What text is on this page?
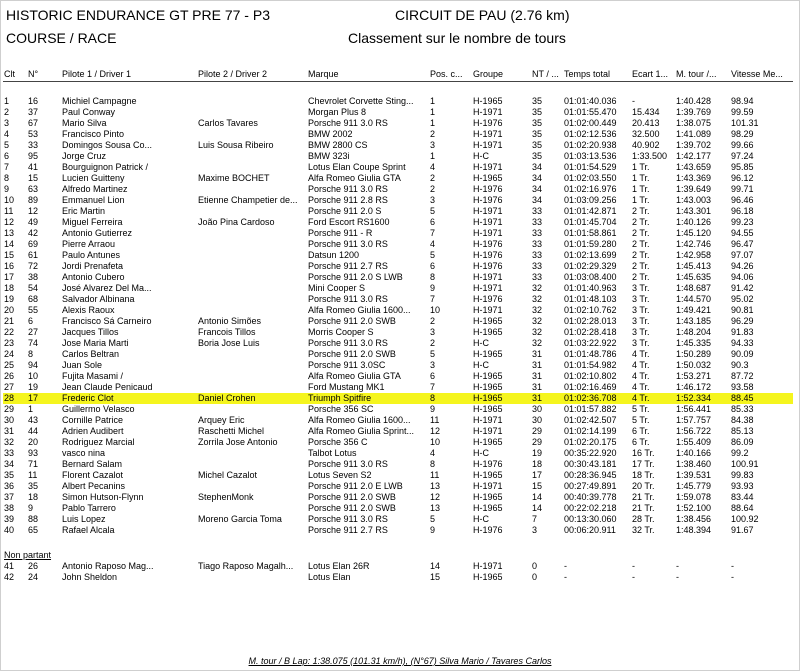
HISTORIC ENDURANCE GT PRE 77 - P3	CIRCUIT DE PAU (2.76 km)
COURSE / RACE	Classement sur le nombre de tours
Clt	N°	Pilote 1 / Driver 1	Pilote 2 / Driver 2	Marque	Pos. c...	Groupe	NT / ...	Temps total	Ecart 1...	M. tour /...	Vitesse Me...

1	16	Michiel Campagne		Chevrolet Corvette Sting...	1	H-1965	35	01:01:40.036	-	1:40.428	98.94
2	37	Paul Conway		Morgan Plus 8	1	H-1971	35	01:01:55.470	15.434	1:39.769	99.59
3	67	Mario Silva	Carlos Tavares	Porsche 911 3.0 RS	1	H-1976	35	01:02:00.449	20.413	1:38.075	101.31
4	53	Francisco Pinto		BMW 2002	2	H-1971	35	01:02:12.536	32.500	1:41.089	98.29
5	33	Domingos Sousa Co...	Luis Sousa Ribeiro	BMW 2800 CS	3	H-1971	35	01:02:20.938	40.902	1:39.702	99.66
6	95	Jorge Cruz		BMW 323i	1	H-C	35	01:03:13.536	1:33.500	1:42.177	97.24
7	41	Bourguignon Patrick /		Lotus Elan Coupe Sprint	4	H-1971	34	01:01:54.529	1 Tr.	1:43.659	95.85
8	15	Lucien Guitteny	Maxime BOCHET	Alfa Romeo Giulia GTA	2	H-1965	34	01:02:03.550	1 Tr.	1:43.369	96.12
9	63	Alfredo Martinez		Porsche 911 3.0 RS	2	H-1976	34	01:02:16.976	1 Tr.	1:39.649	99.71
10	89	Emmanuel Lion	Etienne Champetier de...	Porsche 911 2.8 RS	3	H-1976	34	01:03:09.256	1 Tr.	1:43.003	96.46
11	12	Eric Martin		Porsche 911 2.0 S	5	H-1971	33	01:01:42.871	2 Tr.	1:43.301	96.18
12	49	Miguel Ferreira	João Pina Cardoso	Ford Escort RS1600	6	H-1971	33	01:01:45.704	2 Tr.	1:40.126	99.23
13	42	Antonio Gutierrez		Porsche 911 - R	7	H-1971	33	01:01:58.861	2 Tr.	1:45.120	94.55
14	69	Pierre Arraou		Porsche 911 3.0 RS	4	H-1976	33	01:01:59.280	2 Tr.	1:42.746	96.47
15	61	Paulo Antunes		Datsun 1200	5	H-1976	33	01:02:13.699	2 Tr.	1:42.958	97.07
16	72	Jordi Prenafeta		Porsche 911 2.7 RS	6	H-1976	33	01:02:29.329	2 Tr.	1:45.413	94.26
17	38	Antonio Cubero		Porsche 911 2.0 S LWB	8	H-1971	33	01:03:08.400	2 Tr.	1:45.635	94.06
18	54	José Alvarez Del Ma...		Mini Cooper S	9	H-1971	32	01:01:40.963	3 Tr.	1:48.687	91.42
19	68	Salvador Albinana		Porsche 911 3.0 RS	7	H-1976	32	01:01:48.103	3 Tr.	1:44.570	95.02
20	55	Alexis Raoux		Alfa Romeo Giulia 1600...	10	H-1971	32	01:02:10.762	3 Tr.	1:49.421	90.81
21	6	Francisco Sá Carneiro	Antonio Simões	Porsche 911 2.0 SWB	2	H-1965	32	01:02:28.013	3 Tr.	1:43.185	96.29
22	27	Jacques Tillos	Francois Tillos	Morris Cooper S	3	H-1965	32	01:02:28.418	3 Tr.	1:48.204	91.83
23	74	Jose Maria Marti	Boria Jose Luis	Porsche 911 3.0 RS	2	H-C	32	01:03:22.922	3 Tr.	1:45.335	94.33
24	8	Carlos Beltran		Porsche 911 2.0 SWB	5	H-1965	31	01:01:48.786	4 Tr.	1:50.289	90.09
25	94	Juan Sole		Porsche 911 3.0SC	3	H-C	31	01:01:54.982	4 Tr.	1:50.032	90.3
26	10	Fujita Masami /		Alfa Romeo Giulia GTA	6	H-1965	31	01:02:10.802	4 Tr.	1:53.271	87.72
27	19	Jean Claude Penicaud		Ford Mustang MK1	7	H-1965	31	01:02:16.469	4 Tr.	1:46.172	93.58
28	17	Frederic Clot	Daniel Crohen	Triumph Spitfire	8	H-1965	31	01:02:36.708	4 Tr.	1:52.334	88.45
29	1	Guillermo Velasco		Porsche 356 SC	9	H-1965	30	01:01:57.882	5 Tr.	1:56.441	85.33
30	43	Cornille Patrice	Arquey Eric	Alfa Romeo Giulia 1600...	11	H-1971	30	01:02:42.507	5 Tr.	1:57.757	84.38
31	44	Adrien Audibert	Raschetti Michel	Alfa Romeo Giulia Sprint...	12	H-1971	29	01:02:14.199	6 Tr.	1:56.722	85.13
32	20	Rodriguez Marcial	Zorrila Jose Antonio	Porsche 356 C	10	H-1965	29	01:02:20.175	6 Tr.	1:55.409	86.09
33	93	vasco nina		Talbot Lotus	4	H-C	19	00:35:22.920	16 Tr.	1:40.166	99.2
34	71	Bernard Salam		Porsche 911 3.0 RS	8	H-1976	18	00:30:43.181	17 Tr.	1:38.460	100.91
35	11	Florent Cazalot	Michel Cazalot	Lotus Seven S2	11	H-1965	17	00:28:36.945	18 Tr.	1:39.531	99.83
36	35	Albert Pecanins		Porsche 911 2.0 E LWB	13	H-1971	15	00:27:49.891	20 Tr.	1:45.779	93.93
37	18	Simon Hutson-Flynn	StephenMonk	Porsche 911 2.0 SWB	12	H-1965	14	00:40:39.778	21 Tr.	1:59.078	83.44
38	9	Pablo Tarrero		Porsche 911 2.0 SWB	13	H-1965	14	00:22:02.218	21 Tr.	1:52.100	88.64
39	88	Luis Lopez	Moreno Garcia Toma	Porsche 911 3.0 RS	5	H-C	7	00:13:30.060	28 Tr.	1:38.456	100.92
40	65	Rafael Alcala		Porsche 911 2.7 RS	9	H-1976	3	00:06:20.911	32 Tr.	1:48.394	91.67

Non partant											
41	26	Antonio Raposo Mag...	Tiago Raposo Magalh...	Lotus Elan 26R	14	H-1971	0	-	-	-	-
42	24	John Sheldon		Lotus Elan	15	H-1965	0	-	-	-	-
M. tour / B Lap: 1:38.075 (101.31 km/h), (N°67) Silva Mario / Tavares Carlos
